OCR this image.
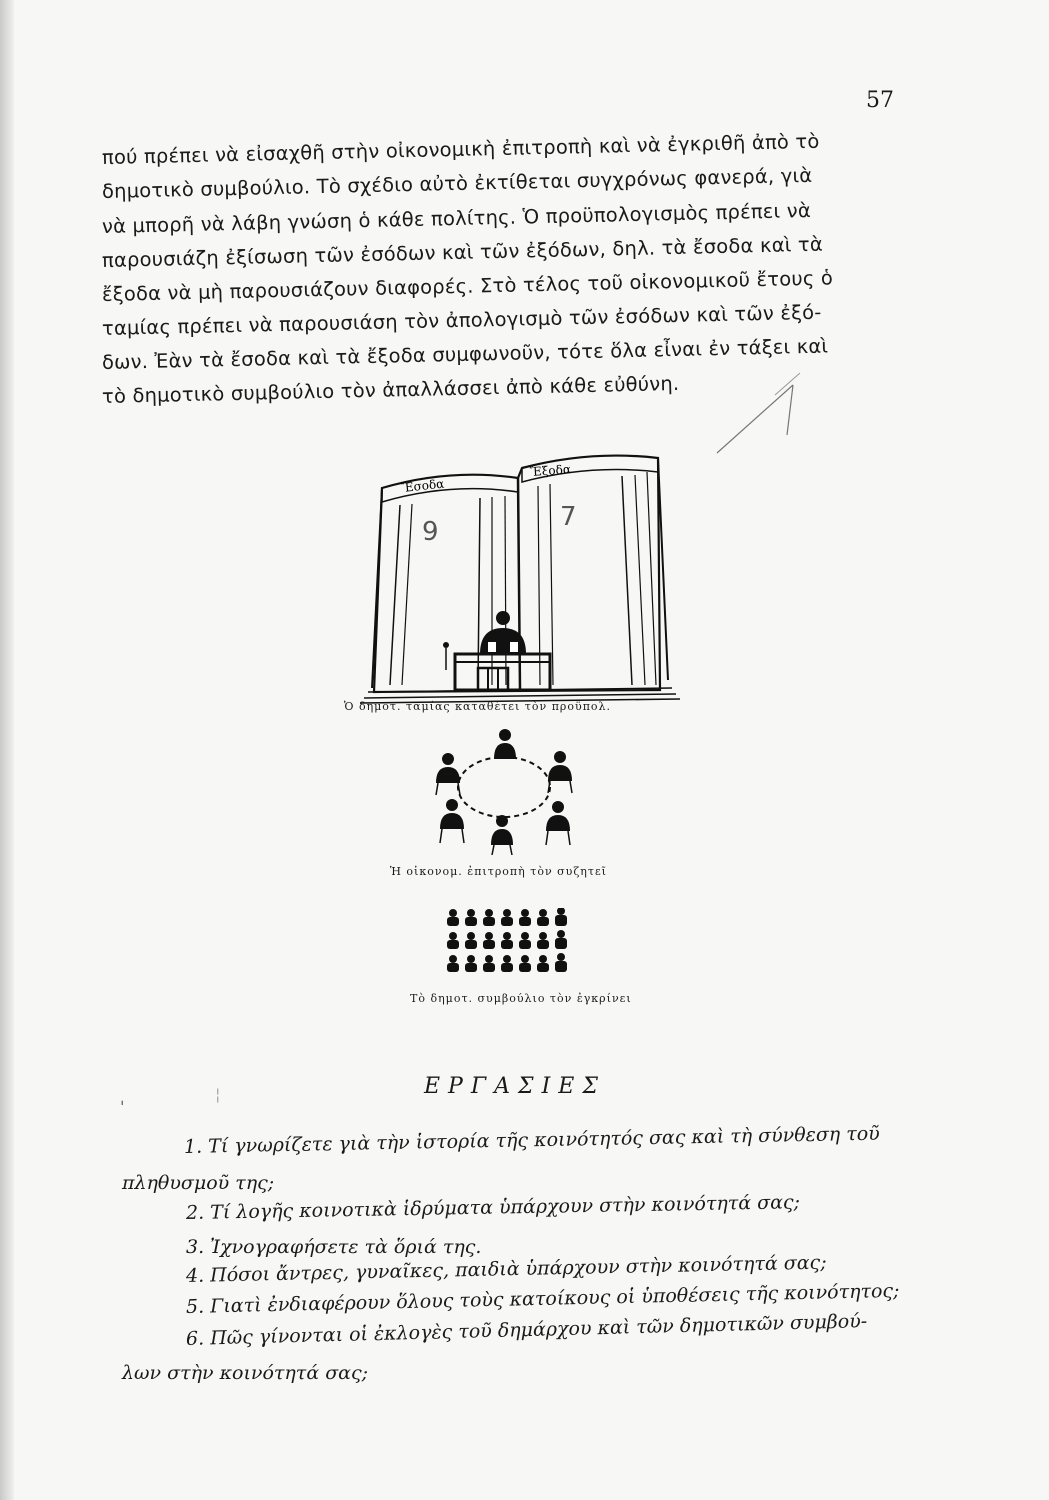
57
πού πρέπει νὰ εἰσαχθῆ στὴν οἰκονομικὴ ἐπιτροπὴ καὶ νὰ ἐγκριθῆ ἀπὸ τὸ
δημοτικὸ συμβούλιο. Τὸ σχέδιο αὐτὸ ἐκτίθεται συγχρόνως φανερά, γιὰ
νὰ μπορῆ νὰ λάβη γνώση ὁ κάθε πολίτης. Ὁ προϋπολογισμὸς πρέπει νὰ
παρουσιάζη ἐξίσωση τῶν ἐσόδων καὶ τῶν ἐξόδων, δηλ. τὰ ἔσοδα καὶ τὰ
ἔξοδα νὰ μὴ παρουσιάζουν διαφορές. Στὸ τέλος τοῦ οἰκονομικοῦ ἔτους ὁ
ταμίας πρέπει νὰ παρουσιάση τὸν ἀπολογισμὸ τῶν ἐσόδων καὶ τῶν ἐξό-
δων. Ἐὰν τὰ ἔσοδα καὶ τὰ ἔξοδα συμφωνοῦν, τότε ὅλα εἶναι ἐν τάξει καὶ
τὸ δημοτικὸ συμβούλιο τὸν ἀπαλλάσσει ἀπὸ κάθε εὐθύνη.
Ἔσοδα
Ἔξοδα
9	7
Ὁ δημοτ. ταμίας καταθέτει τὸν προϋπολ.
Ἡ οἰκονομ. ἐπιτροπὴ τὸν συζητεῖ
Τὸ δημοτ. συμβούλιο τὸν ἐγκρίνει
ˈ
¦	ΕΡΓΑΣΙΕΣ
1. Τί γνωρίζετε γιὰ τὴν ἱστορία τῆς κοινότητός σας καὶ τὴ σύνθεση τοῦ
πληθυσμοῦ της;
2. Τί λογῆς κοινοτικὰ ἱδρύματα ὑπάρχουν στὴν κοινότητά σας;
3. Ἰχνογραφήσετε τὰ ὅριά της.
4. Πόσοι ἄντρες, γυναῖκες, παιδιὰ ὑπάρχουν στὴν κοινότητά σας;
5. Γιατὶ ἐνδιαφέρουν ὅλους τοὺς κατοίκους οἱ ὑποθέσεις τῆς κοινότητος;
6. Πῶς γίνονται οἱ ἐκλογὲς τοῦ δημάρχου καὶ τῶν δημοτικῶν συμβού-
λων στὴν κοινότητά σας;
